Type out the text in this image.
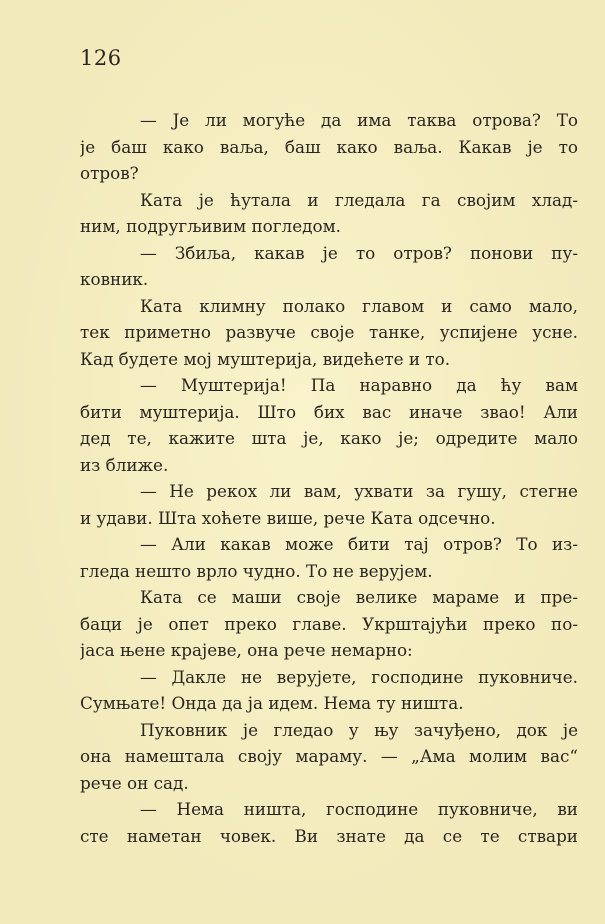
126
— Је ли могуће да има таква отрова? То
је баш како ваља, баш како ваља. Какав је то
отров?
Ката је ћутала и гледала га својим хлад-
ним, подругљивим погледом.
— Збиља, какав је то отров? понови пу-
ковник.
Ката климну полако главом и само мало,
тек приметно развуче своје танке, успијене усне.
Кад будете мој муштерија, видећете и то.
— Муштерија! Па наравно да ћу вам
бити муштерија. Што бих вас иначе звао! Али
дед те, кажите шта је, како је; одредите мало
из ближе.
— Не рекох ли вам, ухвати за гушу, стегне
и удави. Шта хоћете више, рече Ката одсечно.
— Али какав може бити тај отров? То из-
гледа нешто врло чудно. То не верујем.
Ката се маши своје велике мараме и пре-
баци је опет преко главе. Укрштајући преко по-
јаса њене крајеве, она рече немарно:
— Дакле не верујете, господине пуковниче.
Сумњате! Онда да ја идем. Нема ту ништа.
Пуковник је гледао у њу зачуђено, док је
она намештала своју мараму. — „Ама молим вас“
рече он сад.
— Нема ништа, господине пуковниче, ви
сте наметан човек. Ви знате да се те ствари
